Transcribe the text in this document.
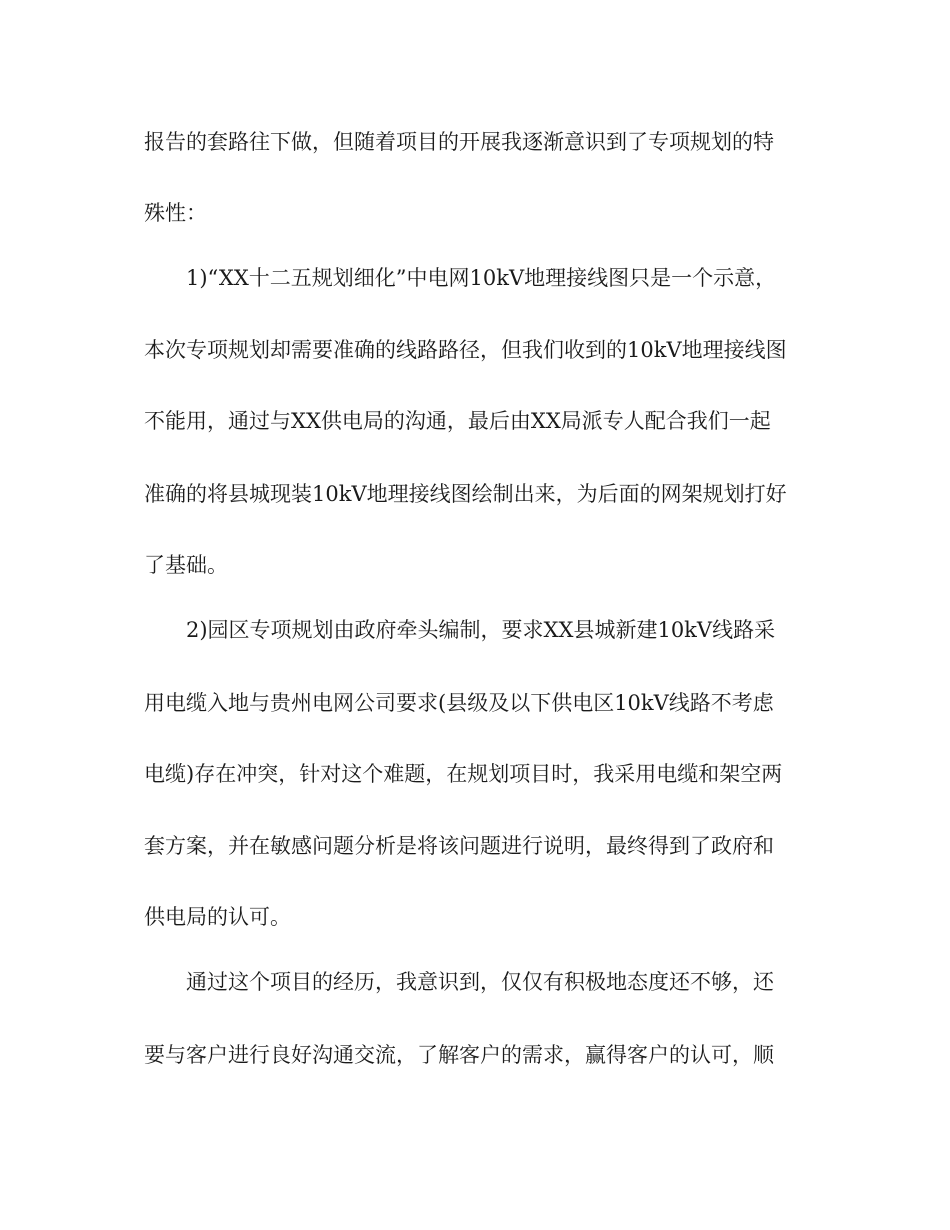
报告的套路往下做，但随着项目的开展我逐渐意识到了专项规划的特
殊性：
1)“XX十二五规划细化”中电网10kV地理接线图只是一个示意，
本次专项规划却需要准确的线路路径，但我们收到的10kV地理接线图
不能用，通过与XX供电局的沟通，最后由XX局派专人配合我们一起
准确的将县城现装10kV地理接线图绘制出来，为后面的网架规划打好
了基础。
2)园区专项规划由政府牵头编制，要求XX县城新建10kV线路采
用电缆入地与贵州电网公司要求(县级及以下供电区10kV线路不考虑
电缆)存在冲突，针对这个难题，在规划项目时，我采用电缆和架空两
套方案，并在敏感问题分析是将该问题进行说明，最终得到了政府和
供电局的认可。
通过这个项目的经历，我意识到，仅仅有积极地态度还不够，还
要与客户进行良好沟通交流，了解客户的需求，赢得客户的认可，顺
